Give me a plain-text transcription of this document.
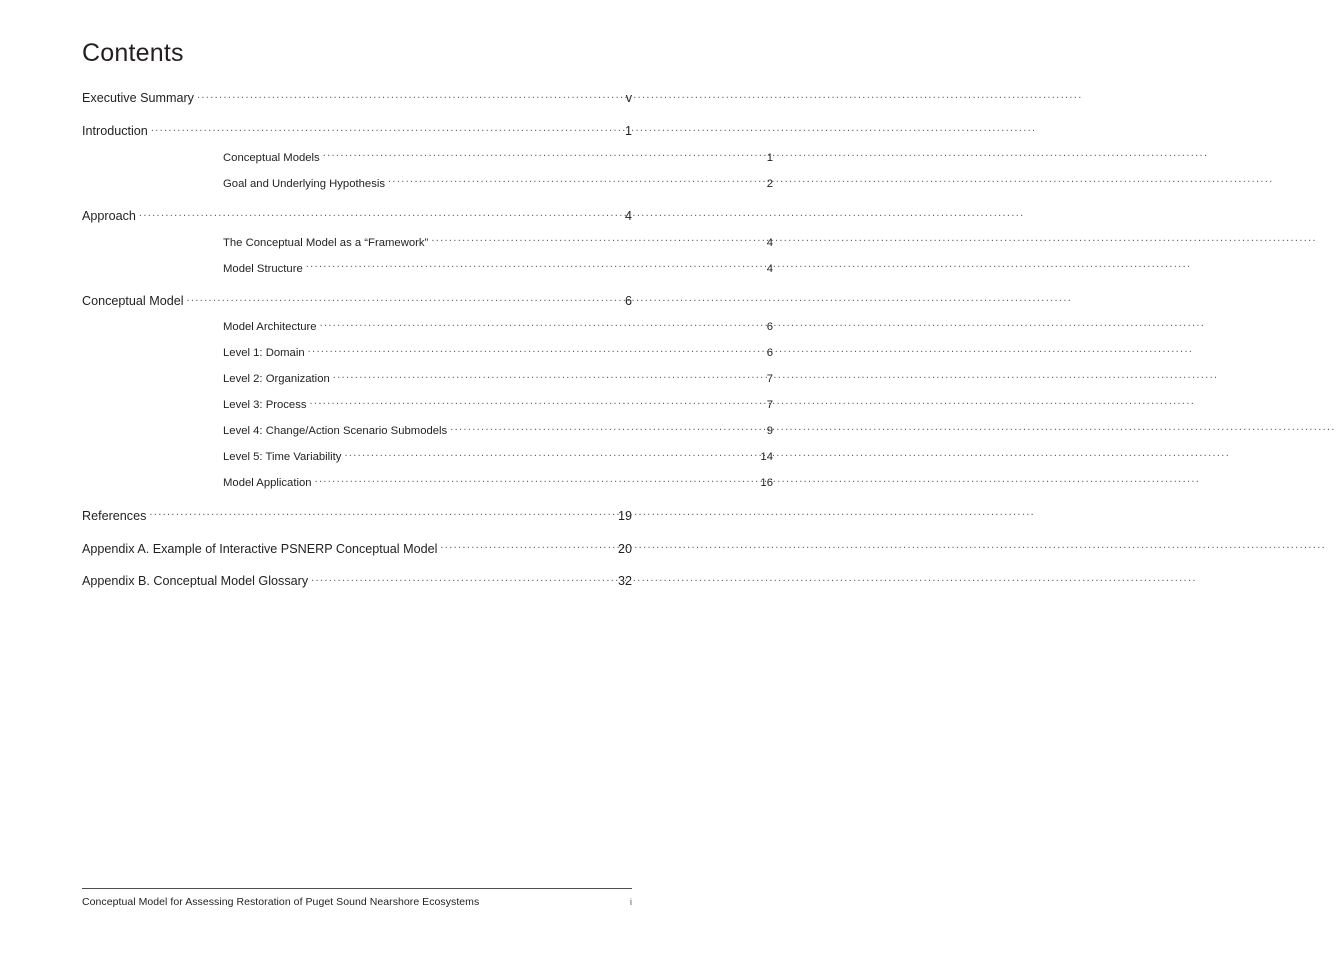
Contents
Executive Summary .....	v
Introduction .....	1
Conceptual Models .....	1
Goal and Underlying Hypothesis .....	2
Approach .....	4
The Conceptual Model as a “Framework” .....	4
Model Structure .....	4
Conceptual Model .....	6
Model Architecture .....	6
Level 1: Domain .....	6
Level 2: Organization .....	7
Level 3: Process .....	7
Level 4: Change/Action Scenario Submodels .....	9
Level 5: Time Variability .....	14
Model Application .....	16
References .....	19
Appendix A. Example of Interactive PSNERP Conceptual Model .....	20
Appendix B. Conceptual Model Glossary .....	32
Conceptual Model for Assessing Restoration of Puget Sound Nearshore Ecosystems	i
